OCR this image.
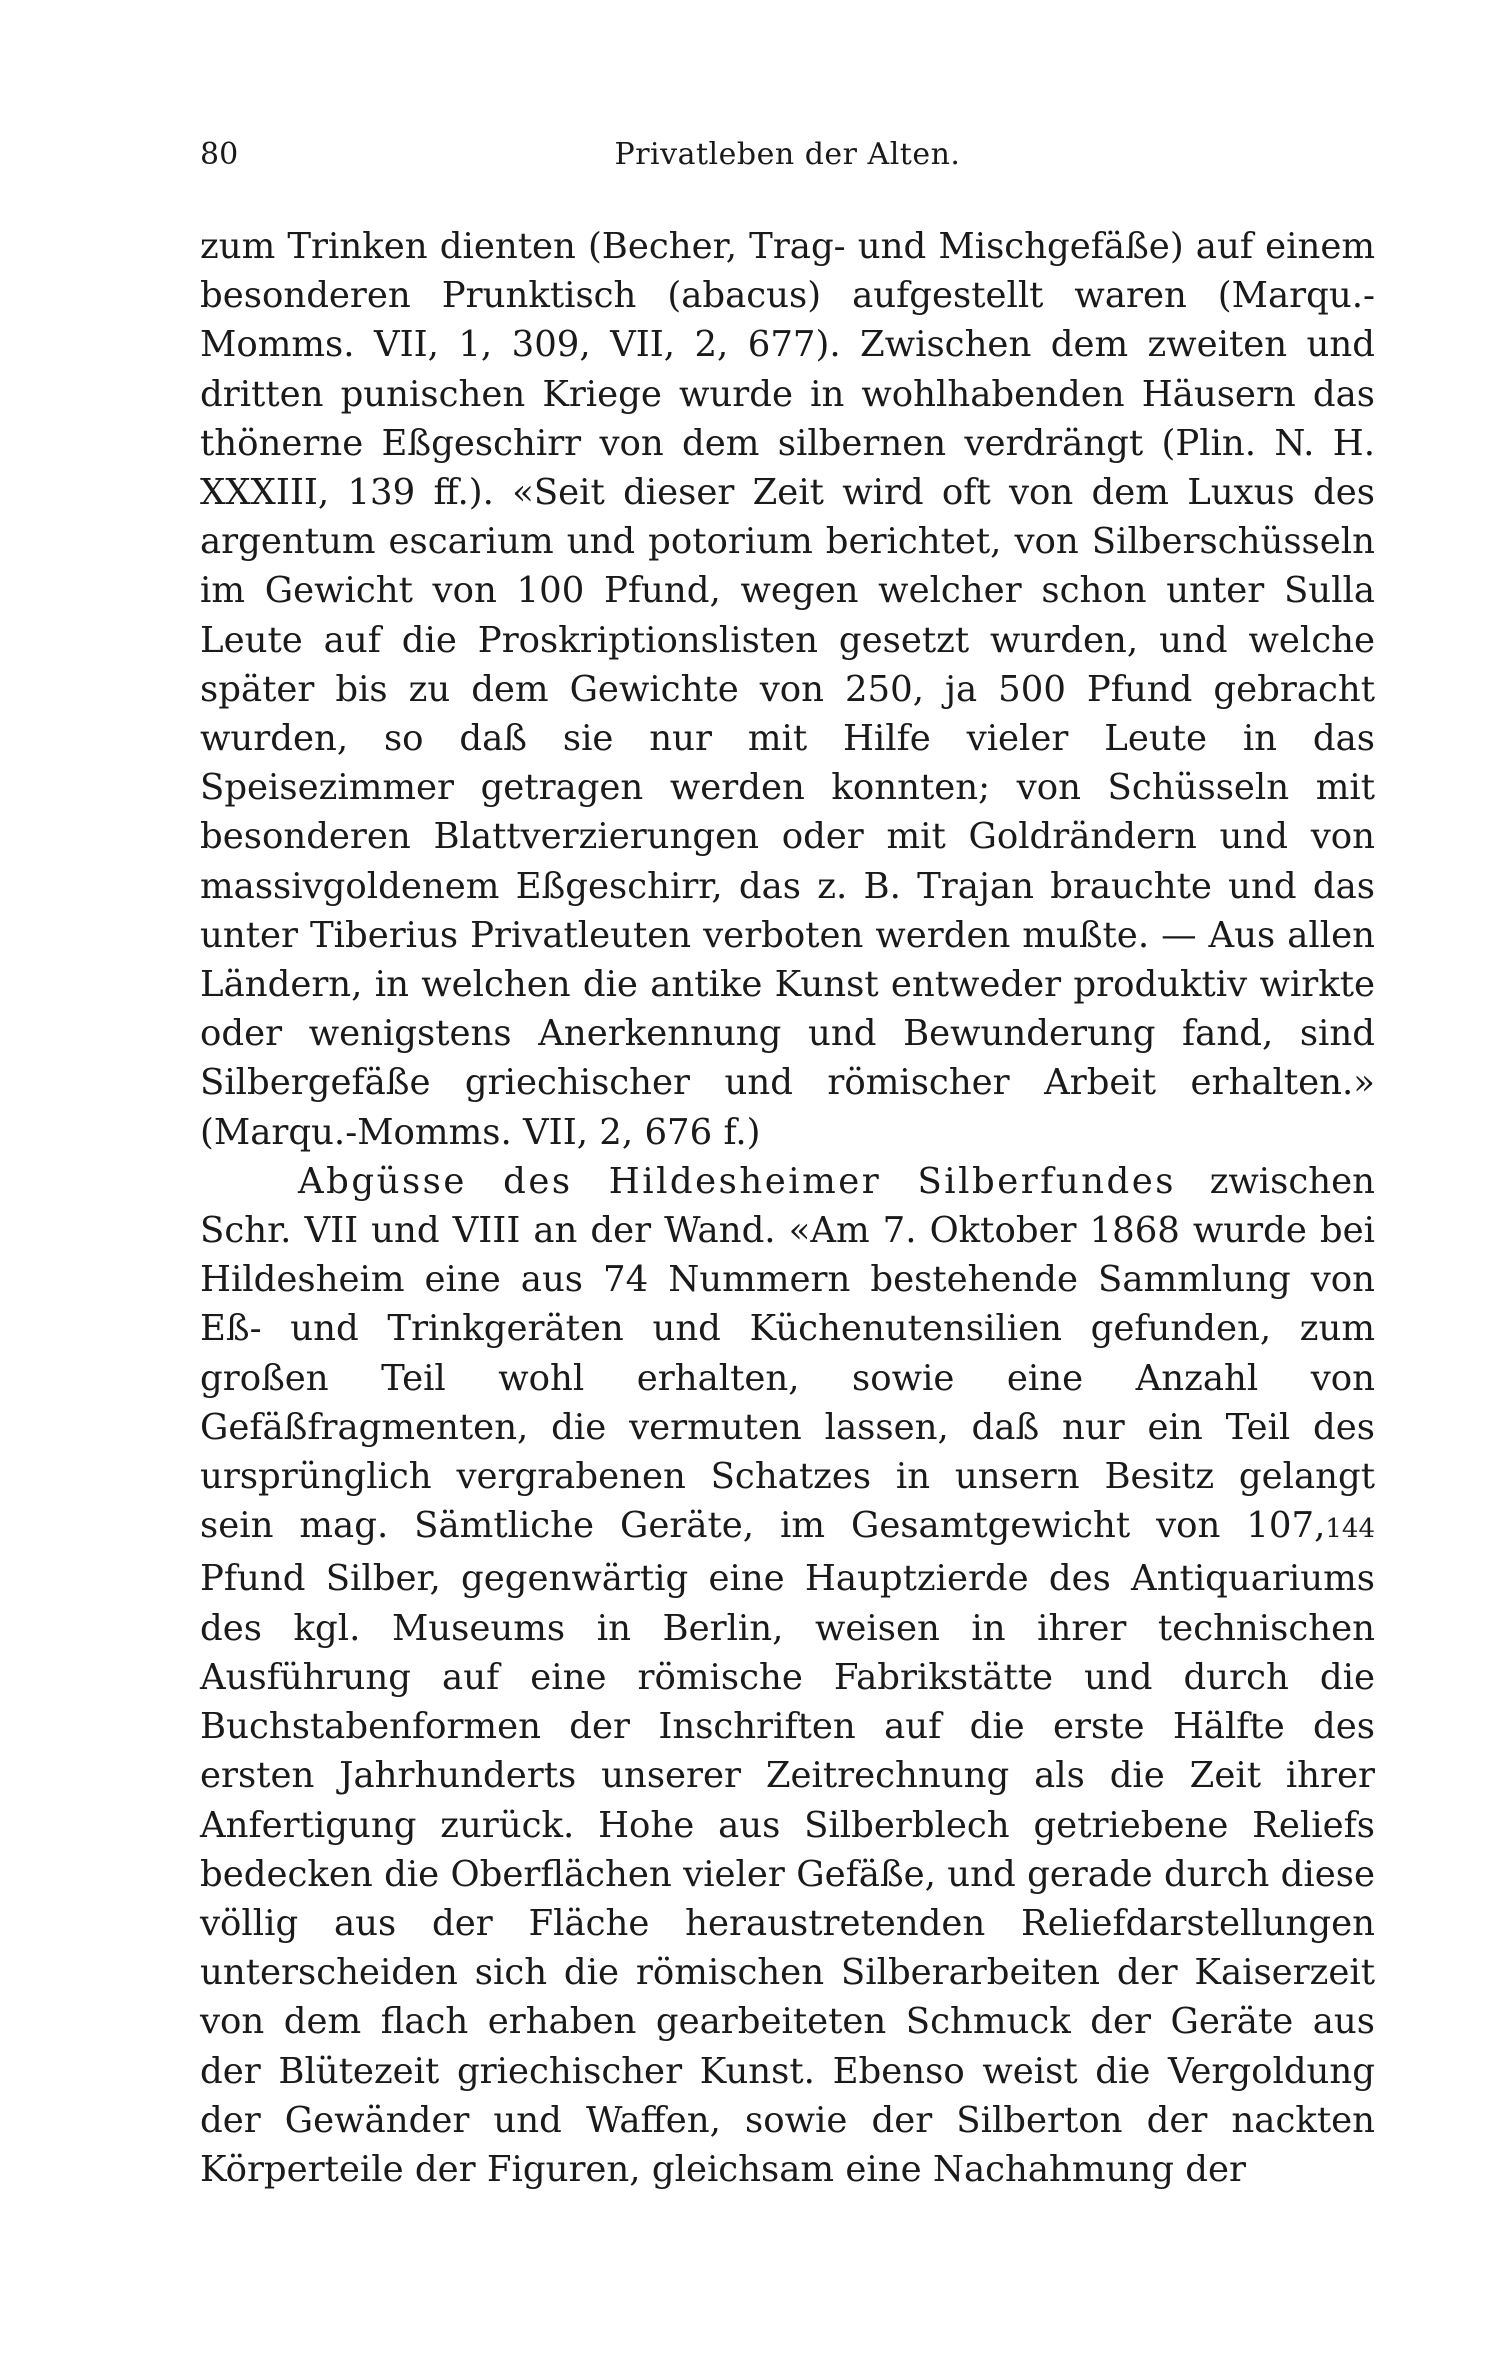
80	Privatleben der Alten.

zum Trinken dienten (Becher, Trag- und Mischgefäße) auf einem besonderen Prunktisch (abacus) aufgestellt waren (Marqu.-Momms. VII, 1, 309, VII, 2, 677). Zwischen dem zweiten und dritten punischen Kriege wurde in wohlhabenden Häusern das thönerne Eßgeschirr von dem silbernen verdrängt (Plin. N. H. XXXIII, 139 ff.). «Seit dieser Zeit wird oft von dem Luxus des argentum escarium und potorium berichtet, von Silberschüsseln im Gewicht von 100 Pfund, wegen welcher schon unter Sulla Leute auf die Proskriptionslisten gesetzt wurden, und welche später bis zu dem Gewichte von 250, ja 500 Pfund gebracht wurden, so daß sie nur mit Hilfe vieler Leute in das Speisezimmer getragen werden konnten; von Schüsseln mit besonderen Blattverzierungen oder mit Goldrändern und von massivgoldenem Eßgeschirr, das z. B. Trajan brauchte und das unter Tiberius Privatleuten verboten werden mußte. — Aus allen Ländern, in welchen die antike Kunst entweder produktiv wirkte oder wenigstens Anerkennung und Bewunderung fand, sind Silbergefäße griechischer und römischer Arbeit erhalten.» (Marqu.-Momms. VII, 2, 676 f.)

Abgüsse des Hildesheimer Silberfundes zwischen Schr. VII und VIII an der Wand. «Am 7. Oktober 1868 wurde bei Hildesheim eine aus 74 Nummern bestehende Sammlung von Eß- und Trinkgeräten und Küchenutensilien gefunden, zum großen Teil wohl erhalten, sowie eine Anzahl von Gefäßfragmenten, die vermuten lassen, daß nur ein Teil des ursprünglich vergrabenen Schatzes in unsern Besitz gelangt sein mag. Sämtliche Geräte, im Gesamtgewicht von 107,144 Pfund Silber, gegenwärtig eine Hauptzierde des Antiquariums des kgl. Museums in Berlin, weisen in ihrer technischen Ausführung auf eine römische Fabrikstätte und durch die Buchstabenformen der Inschriften auf die erste Hälfte des ersten Jahrhunderts unserer Zeitrechnung als die Zeit ihrer Anfertigung zurück. Hohe aus Silberblech getriebene Reliefs bedecken die Oberflächen vieler Gefäße, und gerade durch diese völlig aus der Fläche heraustretenden Reliefdarstellungen unterscheiden sich die römischen Silberarbeiten der Kaiserzeit von dem flach erhaben gearbeiteten Schmuck der Geräte aus der Blütezeit griechischer Kunst. Ebenso weist die Vergoldung der Gewänder und Waffen, sowie der Silberton der nackten Körperteile der Figuren, gleichsam eine Nachahmung der
